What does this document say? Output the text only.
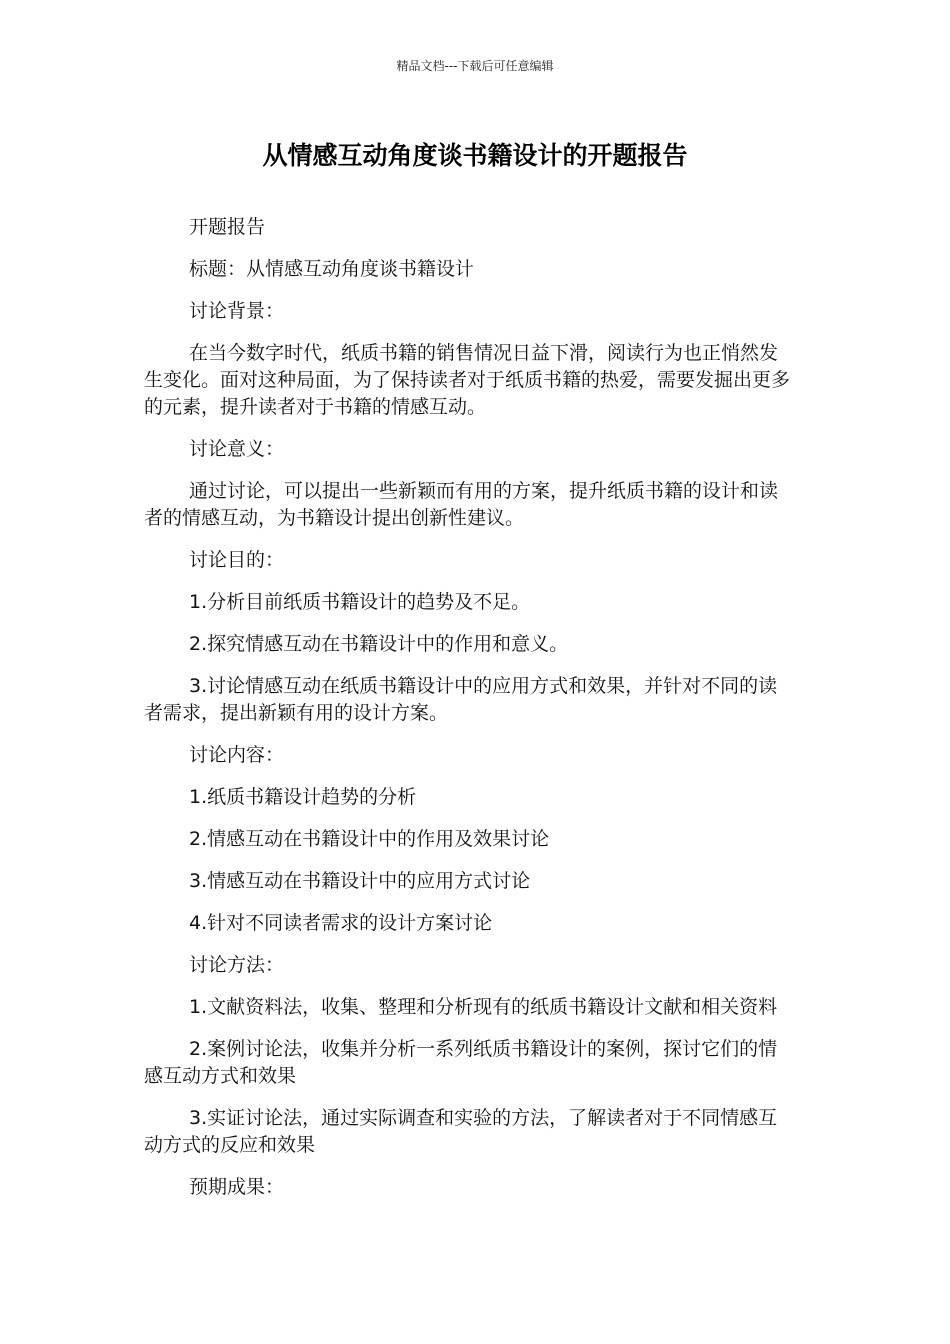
精品文档---下载后可任意编辑
从情感互动角度谈书籍设计的开题报告

开题报告

标题：从情感互动角度谈书籍设计

讨论背景：

在当今数字时代，纸质书籍的销售情况日益下滑，阅读行为也正悄然发生变化。面对这种局面，为了保持读者对于纸质书籍的热爱，需要发掘出更多的元素，提升读者对于书籍的情感互动。

讨论意义：

通过讨论，可以提出一些新颖而有用的方案，提升纸质书籍的设计和读者的情感互动，为书籍设计提出创新性建议。

讨论目的：

1.分析目前纸质书籍设计的趋势及不足。

2.探究情感互动在书籍设计中的作用和意义。

3.讨论情感互动在纸质书籍设计中的应用方式和效果，并针对不同的读者需求，提出新颖有用的设计方案。

讨论内容：

1.纸质书籍设计趋势的分析

2.情感互动在书籍设计中的作用及效果讨论

3.情感互动在书籍设计中的应用方式讨论

4.针对不同读者需求的设计方案讨论

讨论方法：

1.文献资料法，收集、整理和分析现有的纸质书籍设计文献和相关资料

2.案例讨论法，收集并分析一系列纸质书籍设计的案例，探讨它们的情感互动方式和效果

3.实证讨论法，通过实际调查和实验的方法，了解读者对于不同情感互动方式的反应和效果

预期成果：
